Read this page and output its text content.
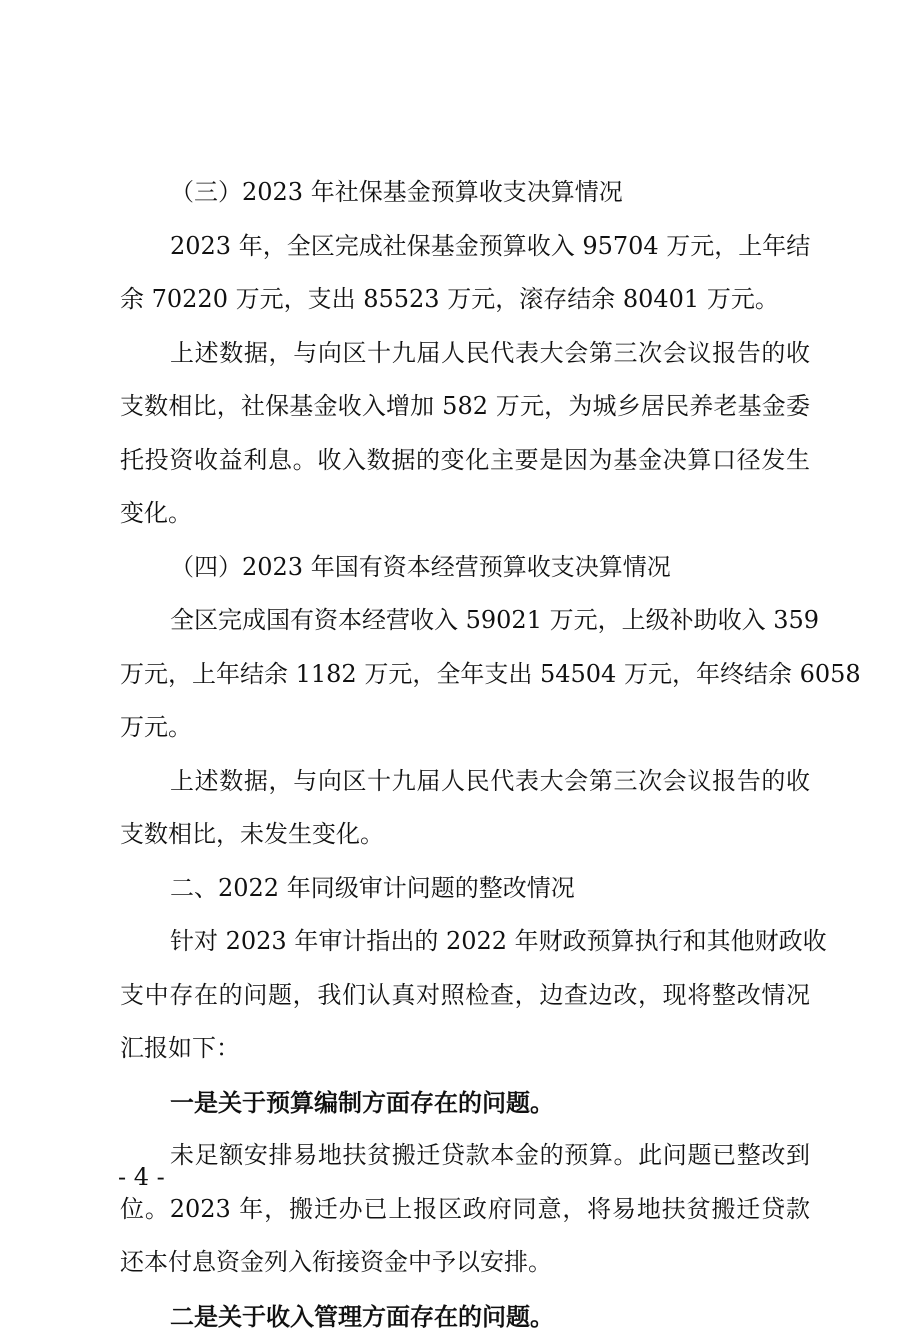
（三）2023 年社保基金预算收支决算情况
2023 年，全区完成社保基金预算收入 95704 万元，上年结
余 70220 万元，支出 85523 万元，滚存结余 80401 万元。
上述数据，与向区十九届人民代表大会第三次会议报告的收
支数相比，社保基金收入增加 582 万元，为城乡居民养老基金委
托投资收益利息。收入数据的变化主要是因为基金决算口径发生
变化。
（四）2023 年国有资本经营预算收支决算情况
全区完成国有资本经营收入 59021 万元，上级补助收入 359
万元，上年结余 1182 万元，全年支出 54504 万元，年终结余 6058
万元。
上述数据，与向区十九届人民代表大会第三次会议报告的收
支数相比，未发生变化。
二、2022 年同级审计问题的整改情况
针对 2023 年审计指出的 2022 年财政预算执行和其他财政收
支中存在的问题，我们认真对照检查，边查边改，现将整改情况
汇报如下：
一是关于预算编制方面存在的问题。
未足额安排易地扶贫搬迁贷款本金的预算。此问题已整改到
位。2023 年，搬迁办已上报区政府同意，将易地扶贫搬迁贷款
还本付息资金列入衔接资金中予以安排。
二是关于收入管理方面存在的问题。
- 4 -
